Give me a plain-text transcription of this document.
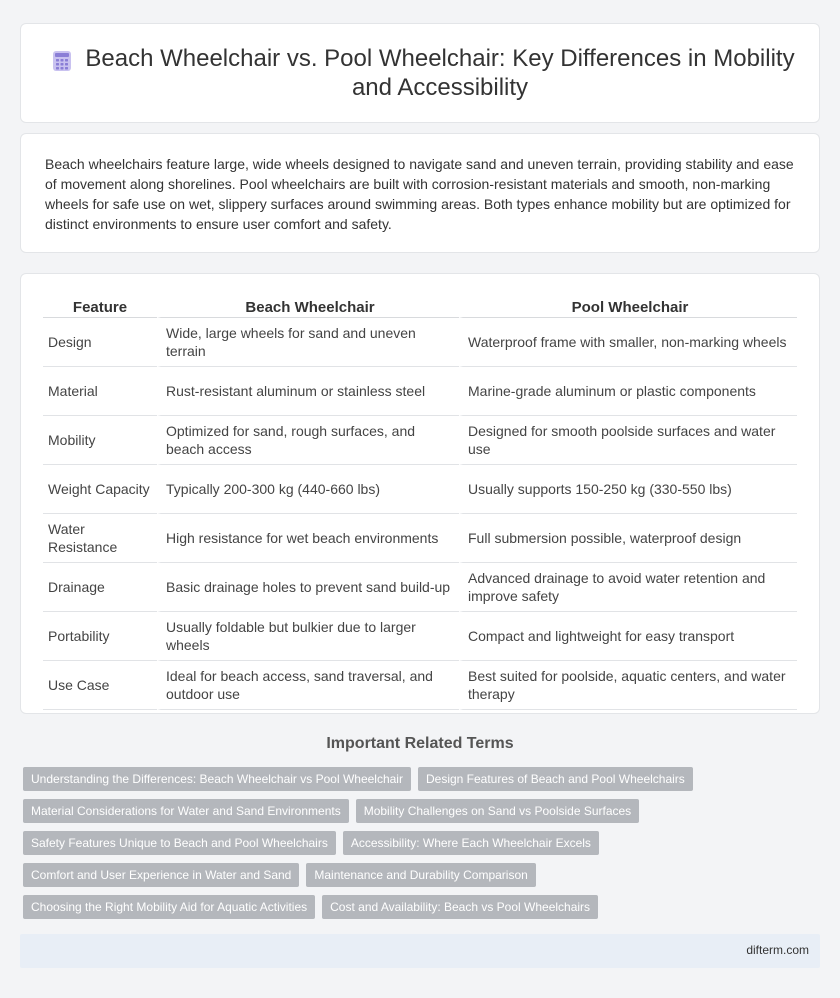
Beach Wheelchair vs. Pool Wheelchair: Key Differences in Mobility and Accessibility

Beach wheelchairs feature large, wide wheels designed to navigate sand and uneven terrain, providing stability and ease of movement along shorelines. Pool wheelchairs are built with corrosion-resistant materials and smooth, non-marking wheels for safe use on wet, slippery surfaces around swimming areas. Both types enhance mobility but are optimized for distinct environments to ensure user comfort and safety.

Feature	Beach Wheelchair	Pool Wheelchair
Design	Wide, large wheels for sand and uneven terrain	Waterproof frame with smaller, non-marking wheels
Material	Rust-resistant aluminum or stainless steel	Marine-grade aluminum or plastic components
Mobility	Optimized for sand, rough surfaces, and beach access	Designed for smooth poolside surfaces and water use
Weight Capacity	Typically 200-300 kg (440-660 lbs)	Usually supports 150-250 kg (330-550 lbs)
Water Resistance	High resistance for wet beach environments	Full submersion possible, waterproof design
Drainage	Basic drainage holes to prevent sand build-up	Advanced drainage to avoid water retention and improve safety
Portability	Usually foldable but bulkier due to larger wheels	Compact and lightweight for easy transport
Use Case	Ideal for beach access, sand traversal, and outdoor use	Best suited for poolside, aquatic centers, and water therapy
Important Related Terms
Understanding the Differences: Beach Wheelchair vs Pool Wheelchair	Design Features of Beach and Pool Wheelchairs
Material Considerations for Water and Sand Environments	Mobility Challenges on Sand vs Poolside Surfaces
Safety Features Unique to Beach and Pool Wheelchairs	Accessibility: Where Each Wheelchair Excels
Comfort and User Experience in Water and Sand	Maintenance and Durability Comparison
Choosing the Right Mobility Aid for Aquatic Activities	Cost and Availability: Beach vs Pool Wheelchairs
difterm.com
